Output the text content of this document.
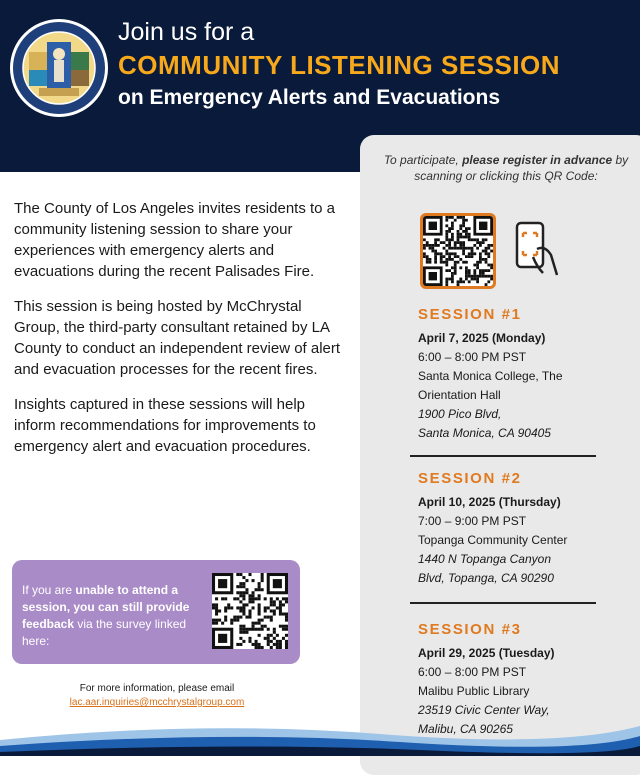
Join us for a
COMMUNITY LISTENING SESSION
on Emergency Alerts and Evacuations

The County of Los Angeles invites residents to a community listening session to share your experiences with emergency alerts and evacuations during the recent Palisades Fire.

This session is being hosted by McChrystal Group, the third-party consultant retained by LA County to conduct an independent review of alert and evacuation processes for the recent fires.

Insights captured in these sessions will help inform recommendations for improvements to emergency alert and evacuation procedures.

If you are unable to attend a session, you can still provide feedback via the survey linked here:
For more information, please email
lac.aar.inquiries@mcchrystalgroup.com
To participate, please register in advance by scanning or clicking this QR Code:
SESSION #1
April 7, 2025 (Monday)
6:00 – 8:00 PM PST
Santa Monica College, The Orientation Hall
1900 Pico Blvd,
Santa Monica, CA 90405
SESSION #2
April 10, 2025 (Thursday)
7:00 – 9:00 PM PST
Topanga Community Center
1440 N Topanga Canyon
Blvd, Topanga, CA 90290
SESSION #3
April 29, 2025 (Tuesday)
6:00 – 8:00 PM PST
Malibu Public Library
23519 Civic Center Way,
Malibu, CA 90265
